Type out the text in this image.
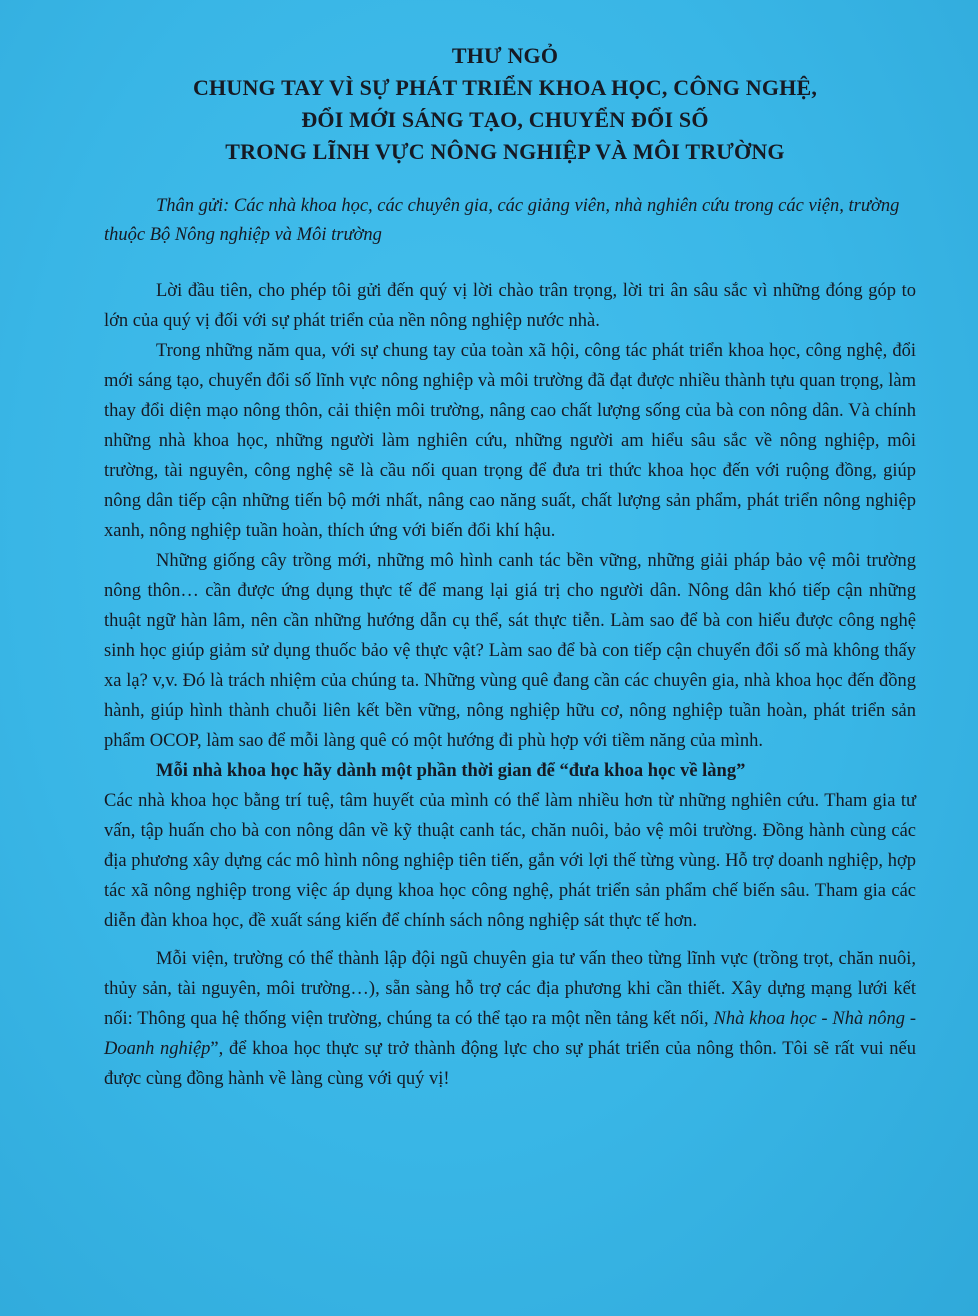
THƯ NGỎ
CHUNG TAY VÌ SỰ PHÁT TRIỂN KHOA HỌC, CÔNG NGHỆ,
ĐỔI MỚI SÁNG TẠO, CHUYỂN ĐỔI SỐ
TRONG LĨNH VỰC NÔNG NGHIỆP VÀ MÔI TRƯỜNG

Thân gửi: Các nhà khoa học, các chuyên gia, các giảng viên, nhà nghiên cứu trong các viện, trường thuộc Bộ Nông nghiệp và Môi trường

Lời đầu tiên, cho phép tôi gửi đến quý vị lời chào trân trọng, lời tri ân sâu sắc vì những đóng góp to lớn của quý vị đối với sự phát triển của nền nông nghiệp nước nhà.

Trong những năm qua, với sự chung tay của toàn xã hội, công tác phát triển khoa học, công nghệ, đổi mới sáng tạo, chuyển đổi số lĩnh vực nông nghiệp và môi trường đã đạt được nhiều thành tựu quan trọng, làm thay đổi diện mạo nông thôn, cải thiện môi trường, nâng cao chất lượng sống của bà con nông dân. Và chính những nhà khoa học, những người làm nghiên cứu, những người am hiểu sâu sắc về nông nghiệp, môi trường, tài nguyên, công nghệ sẽ là cầu nối quan trọng để đưa tri thức khoa học đến với ruộng đồng, giúp nông dân tiếp cận những tiến bộ mới nhất, nâng cao năng suất, chất lượng sản phẩm, phát triển nông nghiệp xanh, nông nghiệp tuần hoàn, thích ứng với biến đổi khí hậu.

Những giống cây trồng mới, những mô hình canh tác bền vững, những giải pháp bảo vệ môi trường nông thôn… cần được ứng dụng thực tế để mang lại giá trị cho người dân. Nông dân khó tiếp cận những thuật ngữ hàn lâm, nên cần những hướng dẫn cụ thể, sát thực tiễn. Làm sao để bà con hiểu được công nghệ sinh học giúp giảm sử dụng thuốc bảo vệ thực vật? Làm sao để bà con tiếp cận chuyển đổi số mà không thấy xa lạ? v,v. Đó là trách nhiệm của chúng ta. Những vùng quê đang cần các chuyên gia, nhà khoa học đến đồng hành, giúp hình thành chuỗi liên kết bền vững, nông nghiệp hữu cơ, nông nghiệp tuần hoàn, phát triển sản phẩm OCOP, làm sao để mỗi làng quê có một hướng đi phù hợp với tiềm năng của mình.

Mỗi nhà khoa học hãy dành một phần thời gian để “đưa khoa học về làng”

Các nhà khoa học bằng trí tuệ, tâm huyết của mình có thể làm nhiều hơn từ những nghiên cứu. Tham gia tư vấn, tập huấn cho bà con nông dân về kỹ thuật canh tác, chăn nuôi, bảo vệ môi trường. Đồng hành cùng các địa phương xây dựng các mô hình nông nghiệp tiên tiến, gắn với lợi thế từng vùng. Hỗ trợ doanh nghiệp, hợp tác xã nông nghiệp trong việc áp dụng khoa học công nghệ, phát triển sản phẩm chế biến sâu. Tham gia các diễn đàn khoa học, đề xuất sáng kiến để chính sách nông nghiệp sát thực tế hơn.

Mỗi viện, trường có thể thành lập đội ngũ chuyên gia tư vấn theo từng lĩnh vực (trồng trọt, chăn nuôi, thủy sản, tài nguyên, môi trường…), sẵn sàng hỗ trợ các địa phương khi cần thiết. Xây dựng mạng lưới kết nối: Thông qua hệ thống viện trường, chúng ta có thể tạo ra một nền tảng kết nối, Nhà khoa học - Nhà nông - Doanh nghiệp”, để khoa học thực sự trở thành động lực cho sự phát triển của nông thôn. Tôi sẽ rất vui nếu được cùng đồng hành về làng cùng với quý vị!
